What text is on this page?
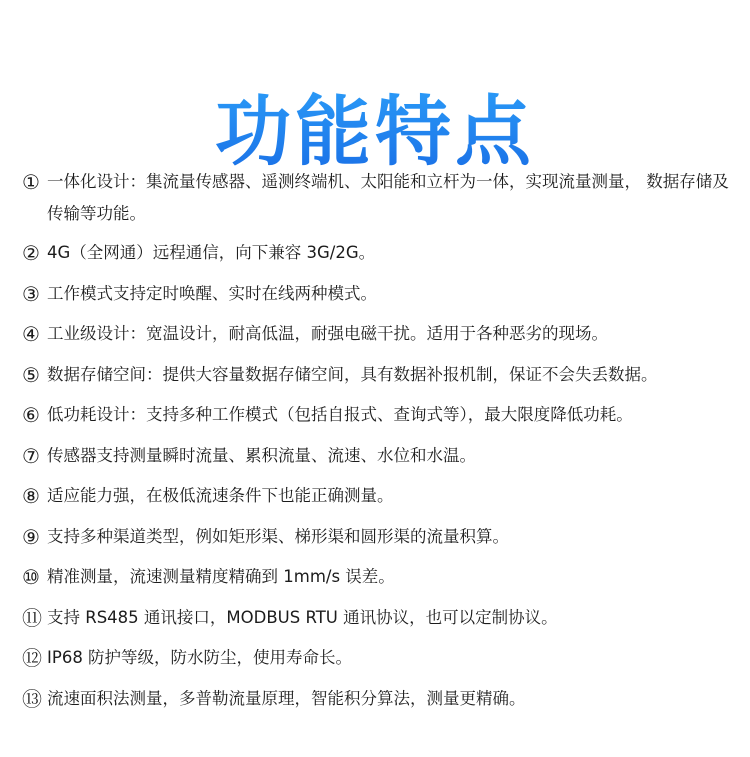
功能特点
① 一体化设计：集流量传感器、遥测终端机、太阳能和立杆为一体，实现流量测量， 数据存储及传输等功能。
② 4G（全网通）远程通信，向下兼容 3G/2G。
③ 工作模式支持定时唤醒、实时在线两种模式。
④ 工业级设计：宽温设计，耐高低温，耐强电磁干扰。适用于各种恶劣的现场。
⑤ 数据存储空间：提供大容量数据存储空间，具有数据补报机制，保证不会失丢数据。
⑥ 低功耗设计：支持多种工作模式（包括自报式、查询式等），最大限度降低功耗。
⑦ 传感器支持测量瞬时流量、累积流量、流速、水位和水温。
⑧ 适应能力强，在极低流速条件下也能正确测量。
⑨ 支持多种渠道类型，例如矩形渠、梯形渠和圆形渠的流量积算。
⑩ 精准测量，流速测量精度精确到 1mm/s 误差。
⑪ 支持 RS485 通讯接口，MODBUS RTU 通讯协议，也可以定制协议。
⑫ IP68 防护等级，防水防尘，使用寿命长。
⑬ 流速面积法测量，多普勒流量原理，智能积分算法，测量更精确。
